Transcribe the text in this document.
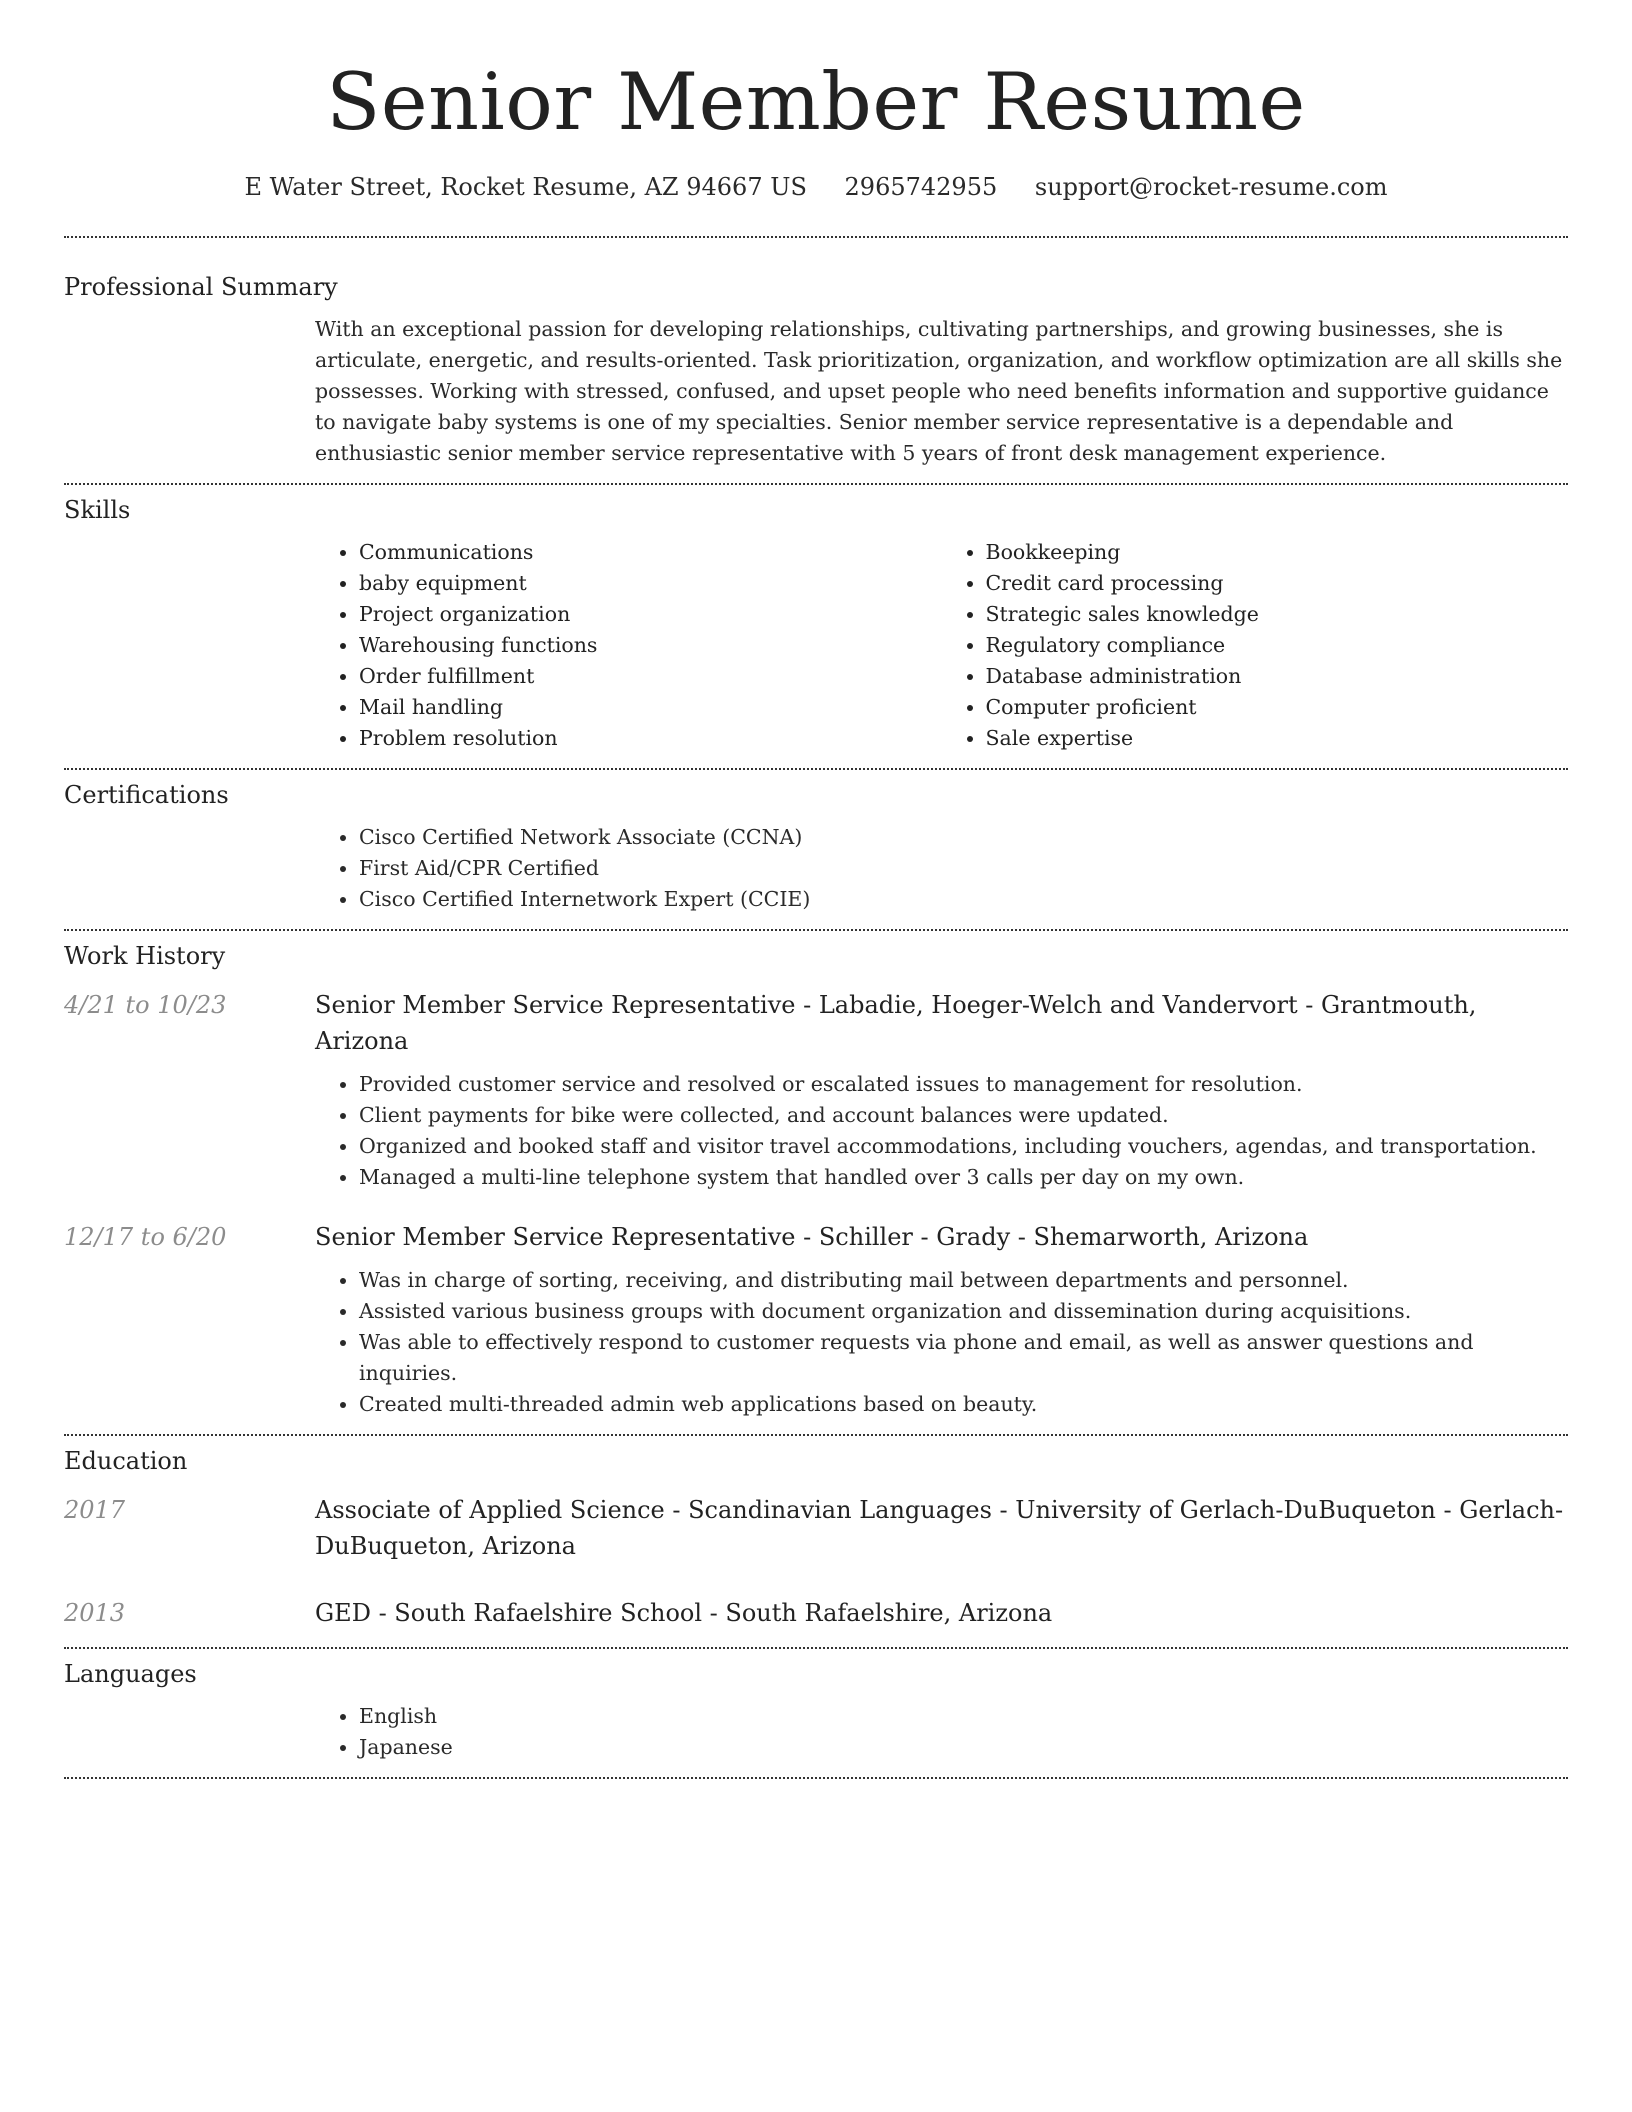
Senior Member Resume
E Water Street, Rocket Resume, AZ 94667 US 2965742955 support@rocket-resume.com
Professional Summary

With an exceptional passion for developing relationships, cultivating partnerships, and growing businesses, she is articulate, energetic, and results-oriented. Task prioritization, organization, and workflow optimization are all skills she possesses. Working with stressed, confused, and upset people who need benefits information and supportive guidance to navigate baby systems is one of my specialties. Senior member service representative is a dependable and enthusiastic senior member service representative with 5 years of front desk management experience.

Skills
• Communications
• baby equipment
• Project organization
• Warehousing functions
• Order fulfillment
• Mail handling
• Problem resolution
• Bookkeeping
• Credit card processing
• Strategic sales knowledge
• Regulatory compliance
• Database administration
• Computer proficient
• Sale expertise
Certifications
• Cisco Certified Network Associate (CCNA)
• First Aid/CPR Certified
• Cisco Certified Internetwork Expert (CCIE)
Work History
4/21 to 10/23	Senior Member Service Representative - Labadie, Hoeger-Welch and Vandervort - Grantmouth, Arizona
• Provided customer service and resolved or escalated issues to management for resolution.
• Client payments for bike were collected, and account balances were updated.
• Organized and booked staff and visitor travel accommodations, including vouchers, agendas, and transportation.
• Managed a multi-line telephone system that handled over 3 calls per day on my own.
12/17 to 6/20	Senior Member Service Representative - Schiller - Grady - Shemarworth, Arizona
• Was in charge of sorting, receiving, and distributing mail between departments and personnel.
• Assisted various business groups with document organization and dissemination during acquisitions.
• Was able to effectively respond to customer requests via phone and email, as well as answer questions and inquiries.
• Created multi-threaded admin web applications based on beauty.
Education
2017	Associate of Applied Science - Scandinavian Languages - University of Gerlach-DuBuqueton - Gerlach-DuBuqueton, Arizona
2013	GED - South Rafaelshire School - South Rafaelshire, Arizona
Languages
• English
• Japanese
